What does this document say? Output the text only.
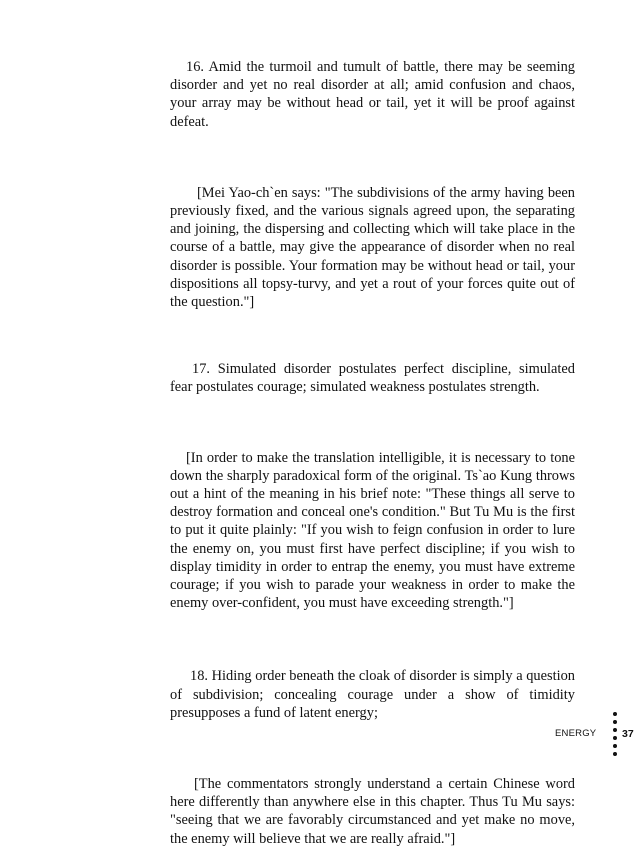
16. Amid the turmoil and tumult of battle, there may be seeming disorder and yet no real disorder at all; amid confusion and chaos, your array may be without head or tail, yet it will be proof against defeat.

[Mei Yao-ch`en says: "The subdivisions of the army having been previously fixed, and the various signals agreed upon, the separating and joining, the dispersing and collecting which will take place in the course of a battle, may give the appearance of disorder when no real disorder is possible. Your formation may be without head or tail, your dispositions all topsy-turvy, and yet a rout of your forces quite out of the question."]

17. Simulated disorder postulates perfect discipline, simulated fear postulates courage; simulated weakness postulates strength.

[In order to make the translation intelligible, it is necessary to tone down the sharply paradoxical form of the original. Ts`ao Kung throws out a hint of the meaning in his brief note: "These things all serve to destroy formation and conceal one's condition." But Tu Mu is the first to put it quite plainly: "If you wish to feign confusion in order to lure the enemy on, you must first have perfect discipline; if you wish to display timidity in order to entrap the enemy, you must have extreme courage; if you wish to parade your weakness in order to make the enemy over-confident, you must have exceeding strength."]

18. Hiding order beneath the cloak of disorder is simply a question of subdivision; concealing courage under a show of timidity presupposes a fund of latent energy;

[The commentators strongly understand a certain Chinese word here differently than anywhere else in this chapter. Thus Tu Mu says: "seeing that we are favorably circumstanced and yet make no move, the enemy will believe that we are really afraid."]

ENERGY 37
